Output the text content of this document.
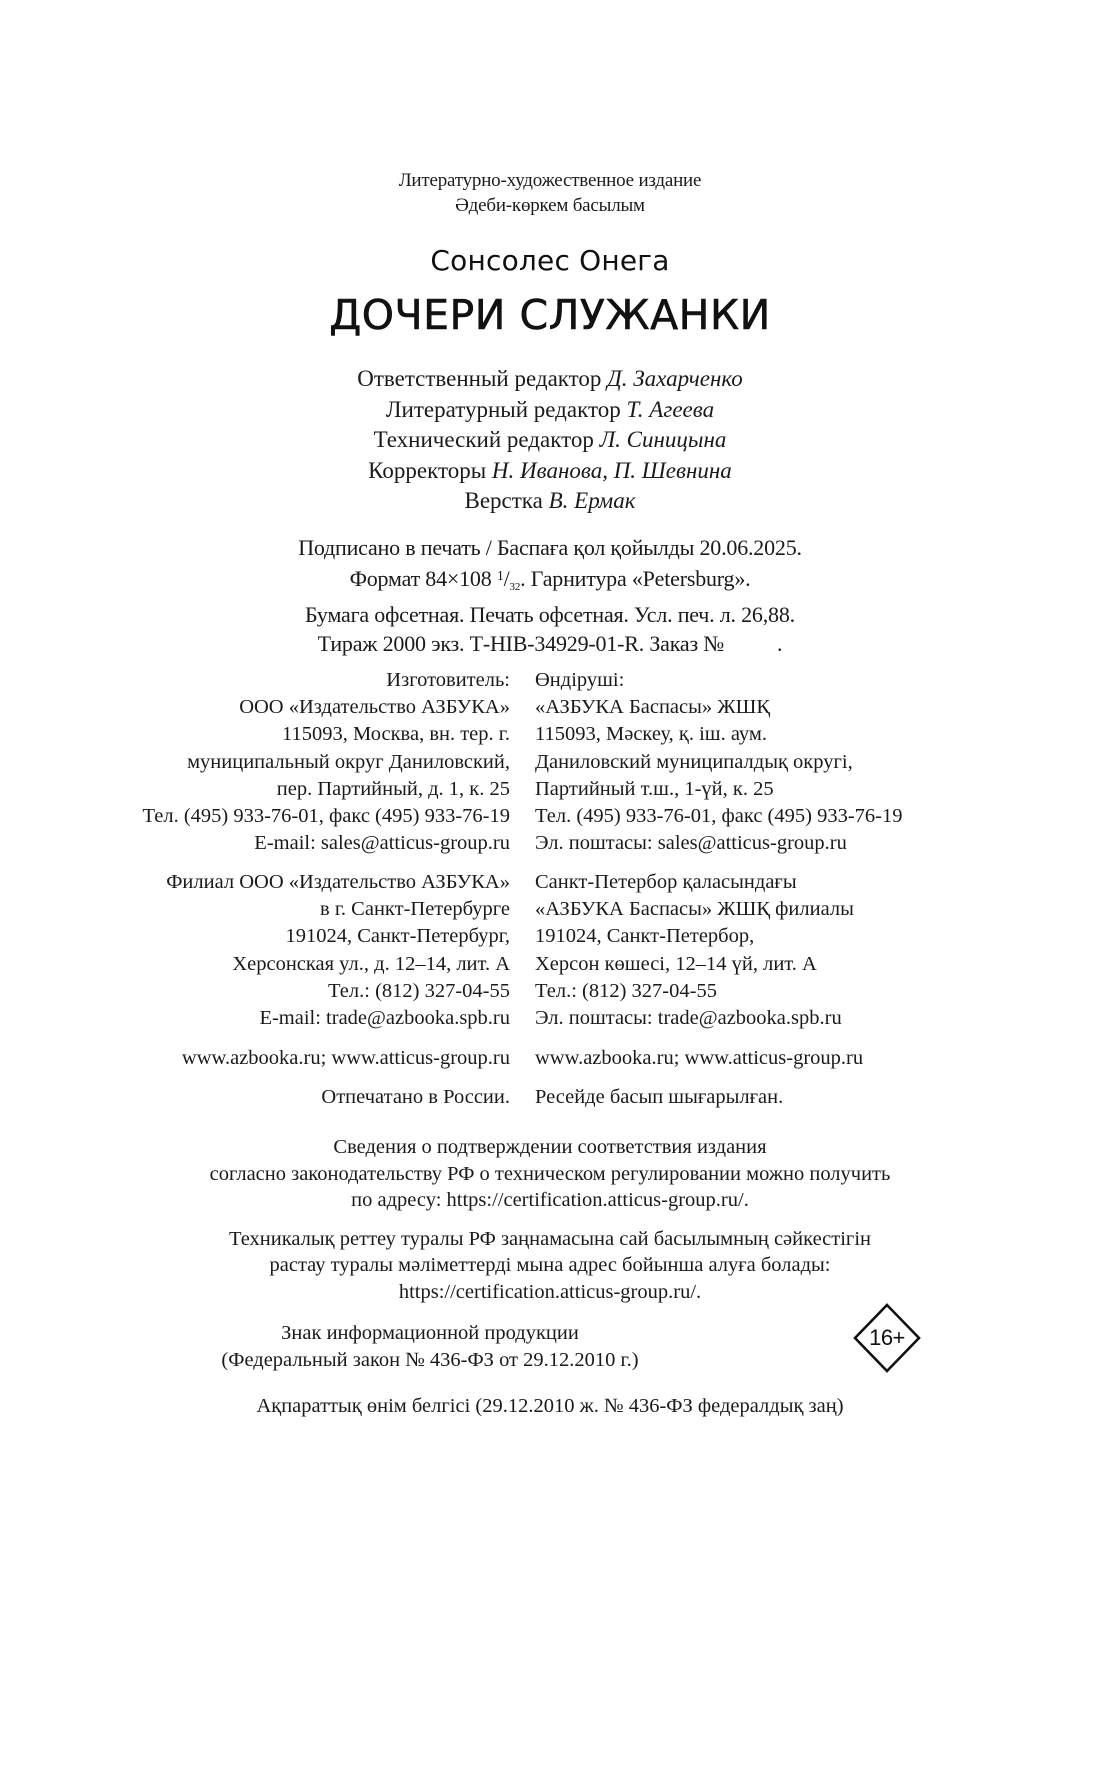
Литературно-художественное издание
Әдеби-көркем басылым
Сонсолес Онега
ДОЧЕРИ СЛУЖАНКИ
Ответственный редактор Д. Захарченко
Литературный редактор Т. Агеева
Технический редактор Л. Синицына
Корректоры Н. Иванова, П. Шевнина
Верстка В. Ермак
Подписано в печать / Баспаға қол қойылды 20.06.2025.
Формат 84×108 $^1/_{32}$. Гарнитура «Petersburg».
Бумага офсетная. Печать офсетная. Усл. печ. л. 26,88.
Тираж 2000 экз. Т-HIB-34929-01-R. Заказ №          .
Изготовитель:
ООО «Издательство АЗБУКА»
115093, Москва, вн. тер. г.
муниципальный округ Даниловский,
пер. Партийный, д. 1, к. 25
Тел. (495) 933-76-01, факс (495) 933-76-19
E-mail: sales@atticus-group.ru
Өндіруші:
«АЗБУКА Баспасы» ЖШҚ
115093, Мәскеу, қ. іш. аум.
Даниловский муниципалдық округі,
Партийный т.ш., 1-үй, к. 25
Тел. (495) 933-76-01, факс (495) 933-76-19
Эл. поштасы: sales@atticus-group.ru
Филиал ООО «Издательство АЗБУКА»
в г. Санкт-Петербурге
191024, Санкт-Петербург,
Херсонская ул., д. 12–14, лит. А
Тел.: (812) 327-04-55
E-mail: trade@azbooka.spb.ru
Санкт-Петербор қаласындағы
«АЗБУКА Баспасы» ЖШҚ филиалы
191024, Санкт-Петербор,
Херсон көшесі, 12–14 үй, лит. А
Тел.: (812) 327-04-55
Эл. поштасы: trade@azbooka.spb.ru
www.azbooka.ru; www.atticus-group.ru www.azbooka.ru; www.atticus-group.ru
Отпечатано в России. Ресейде басып шығарылған.
Сведения о подтверждении соответствия издания
согласно законодательству РФ о техническом регулировании можно получить
по адресу: https://certification.atticus-group.ru/.
Техникалық реттеу туралы РФ заңнамасына сай басылымның сәйкестігін
растау туралы мәліметтерді мына адрес бойынша алуға болады:
https://certification.atticus-group.ru/.
Знак информационной продукции
(Федеральный закон № 436-ФЗ от 29.12.2010 г.)
16+
Ақпараттық өнім белгісі (29.12.2010 ж. № 436-ФЗ федералдық заң)
